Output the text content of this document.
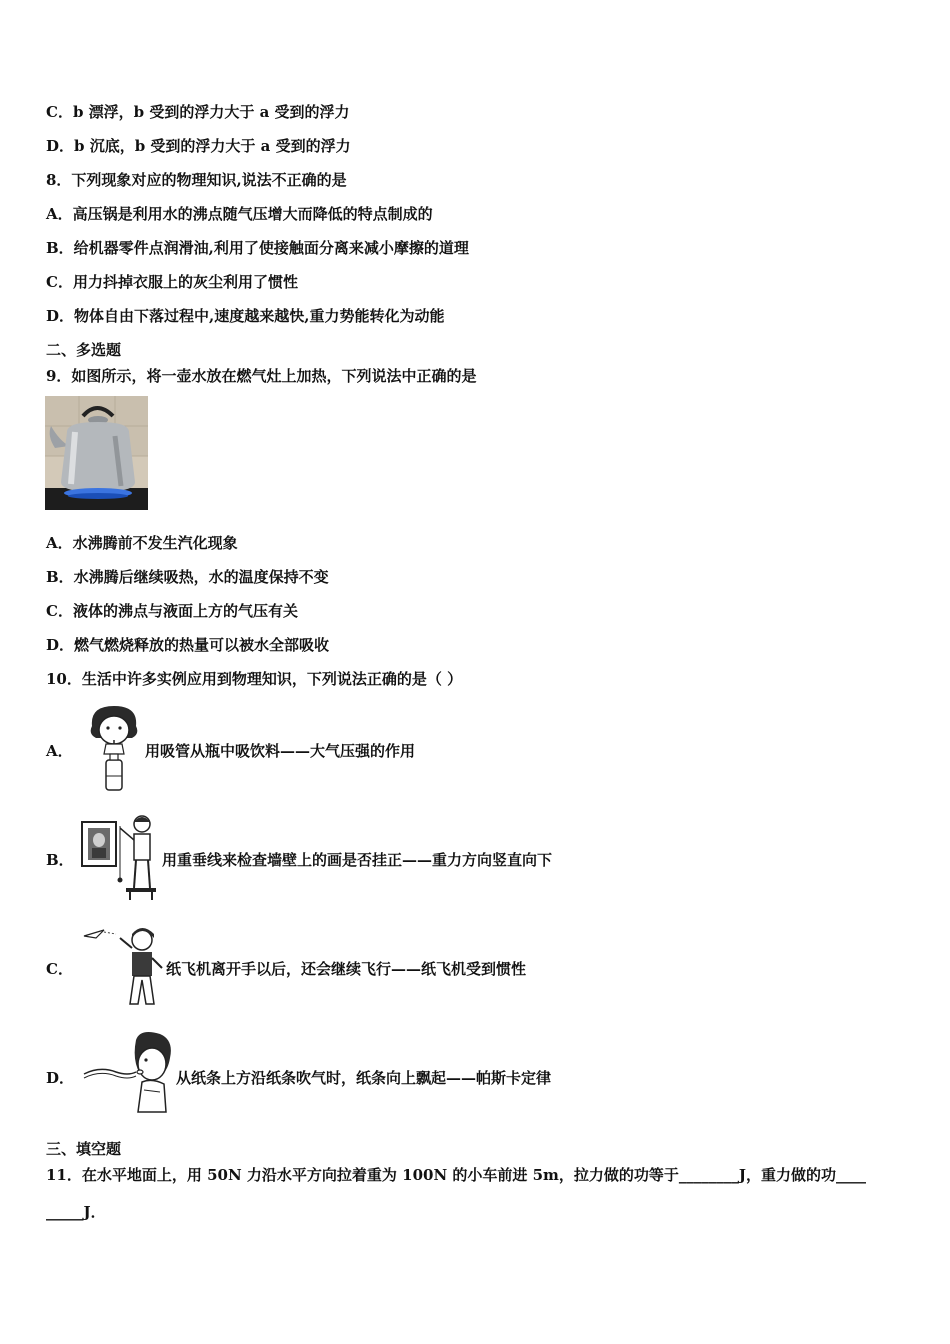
C．b 漂浮，b 受到的浮力大于 a 受到的浮力
D．b 沉底，b 受到的浮力大于 a 受到的浮力
8．下列现象对应的物理知识,说法不正确的是
A．高压锅是利用水的沸点随气压增大而降低的特点制成的
B．给机器零件点润滑油,利用了使接触面分离来减小摩擦的道理
C．用力抖掉衣服上的灰尘利用了惯性
D．物体自由下落过程中,速度越来越快,重力势能转化为动能
二、多选题
9．如图所示，将一壶水放在燃气灶上加热，下列说法中正确的是
A．水沸腾前不发生汽化现象
B．水沸腾后继续吸热，水的温度保持不变
C．液体的沸点与液面上方的气压有关
D．燃气燃烧释放的热量可以被水全部吸收
10．生活中许多实例应用到物理知识，下列说法正确的是（ ）
A．	用吸管从瓶中吸饮料——大气压强的作用
B．	用重垂线来检查墙壁上的画是否挂正——重力方向竖直向下
C．	纸飞机离开手以后，还会继续飞行——纸飞机受到惯性
D．	从纸条上方沿纸条吹气时，纸条向上飘起——帕斯卡定律
三、填空题
11．在水平地面上，用 50N 力沿水平方向拉着重为 100N 的小车前进 5m，拉力做的功等于________J，重力做的功____
_____J．
